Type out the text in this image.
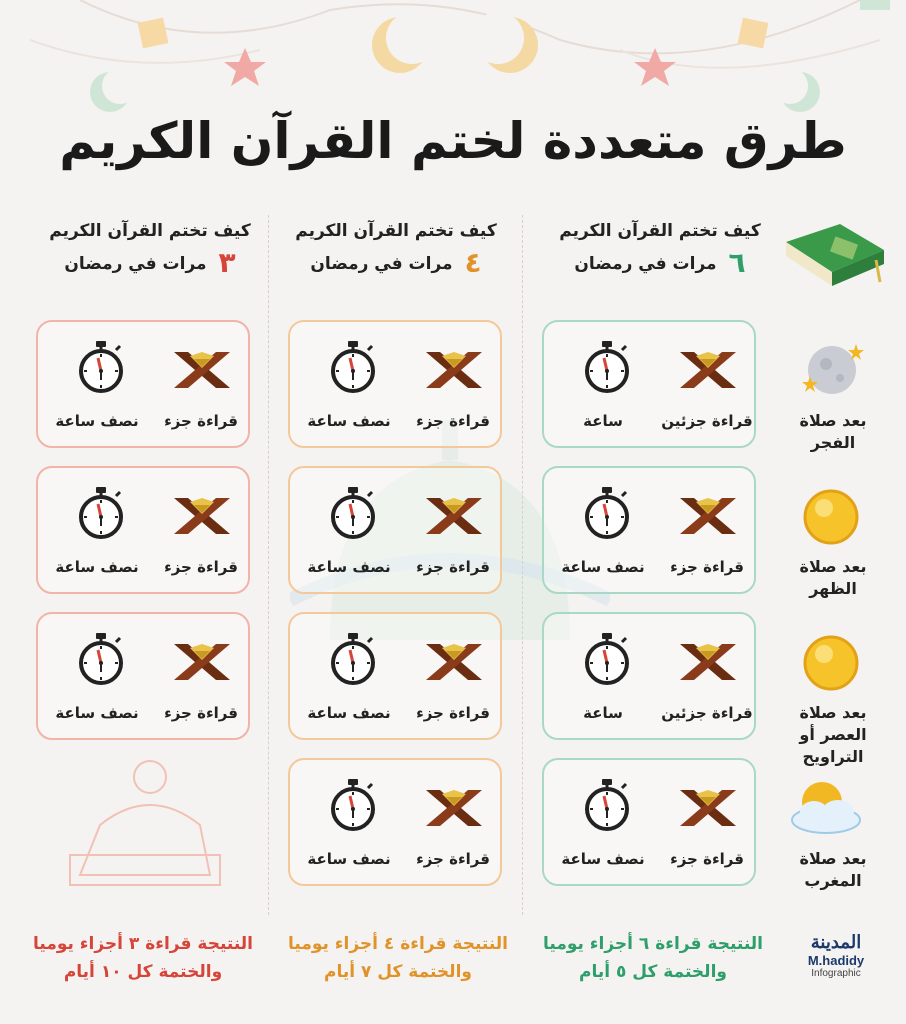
طرق متعددة لختم القرآن الكريم
كيف تختم القرآن الكريم
٦ مرات في رمضان
كيف تختم القرآن الكريم
٤ مرات في رمضان
كيف تختم القرآن الكريم
٣ مرات في رمضان
بعد صلاة
الفجر
بعد صلاة
الظهر
بعد صلاة
العصر أو التراويح
بعد صلاة
المغرب
قراءة جزئين
ساعة
قراءة جزء
نصف ساعة
قراءة جزئين
ساعة
قراءة جزء
نصف ساعة
قراءة جزء
نصف ساعة
قراءة جزء
نصف ساعة
قراءة جزء
نصف ساعة
قراءة جزء
نصف ساعة
قراءة جزء
نصف ساعة
قراءة جزء
نصف ساعة
قراءة جزء
نصف ساعة
النتيجة قراءة ٦ أجزاء يوميا
والختمة كل ٥ أيام
النتيجة قراءة ٤ أجزاء يوميا
والختمة كل ٧ أيام
النتيجة قراءة ٣ أجزاء يوميا
والختمة كل ١٠ أيام
المدينة
M.hadidy
Infographic
